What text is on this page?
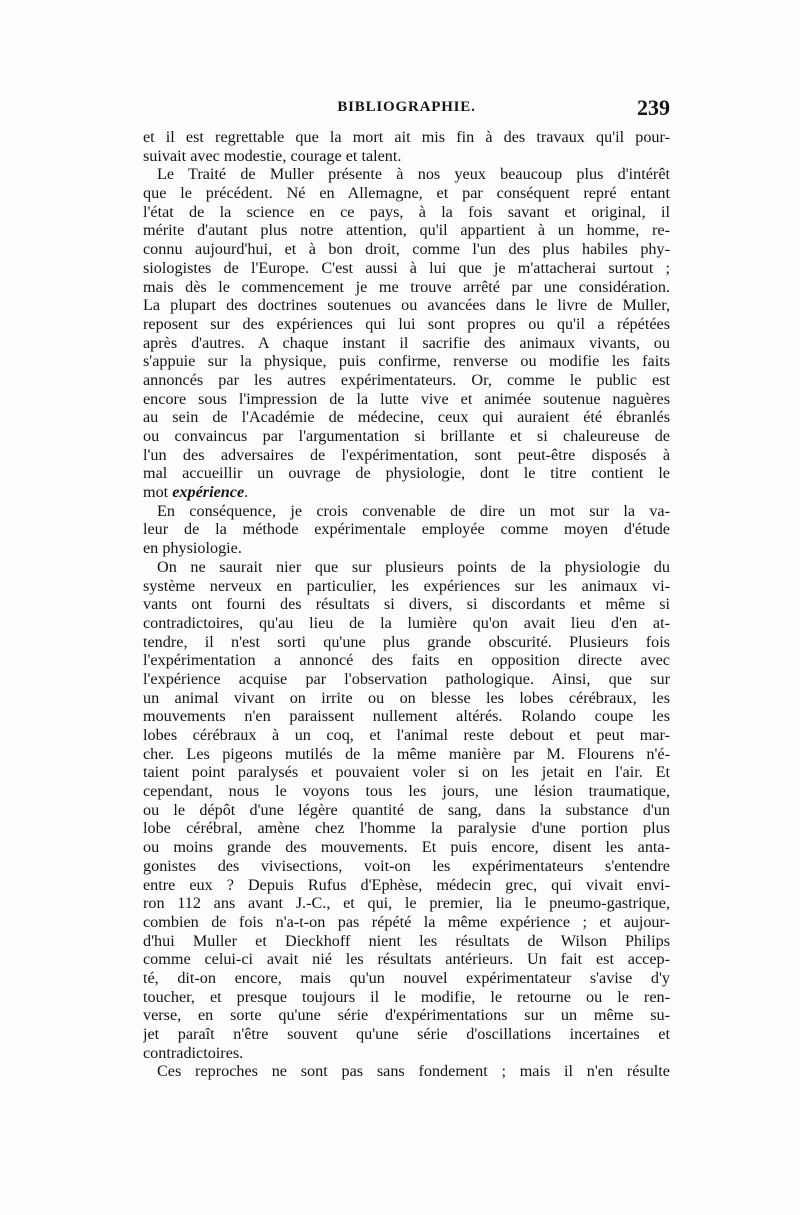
BIBLIOGRAPHIE.	239
et il est regrettable que la mort ait mis fin à des travaux qu'il pour-
suivait avec modestie, courage et talent.
Le Traité de Muller présente à nos yeux beaucoup plus d'intérêt
que le précédent. Né en Allemagne, et par conséquent repré entant
l'état de la science en ce pays, à la fois savant et original, il
mérite d'autant plus notre attention, qu'il appartient à un homme, re-
connu aujourd'hui, et à bon droit, comme l'un des plus habiles phy-
siologistes de l'Europe. C'est aussi à lui que je m'attacherai surtout ;
mais dès le commencement je me trouve arrêté par une considération.
La plupart des doctrines soutenues ou avancées dans le livre de Muller,
reposent sur des expériences qui lui sont propres ou qu'il a répétées
après d'autres. A chaque instant il sacrifie des animaux vivants, ou
s'appuie sur la physique, puis confirme, renverse ou modifie les faits
annoncés par les autres expérimentateurs. Or, comme le public est
encore sous l'impression de la lutte vive et animée soutenue naguères
au sein de l'Académie de médecine, ceux qui auraient été ébranlés
ou convaincus par l'argumentation si brillante et si chaleureuse de
l'un des adversaires de l'expérimentation, sont peut-être disposés à
mal accueillir un ouvrage de physiologie, dont le titre contient le
mot expérience.
En conséquence, je crois convenable de dire un mot sur la va-
leur de la méthode expérimentale employée comme moyen d'étude
en physiologie.
On ne saurait nier que sur plusieurs points de la physiologie du
système nerveux en particulier, les expériences sur les animaux vi-
vants ont fourni des résultats si divers, si discordants et même si
contradictoires, qu'au lieu de la lumière qu'on avait lieu d'en at-
tendre, il n'est sorti qu'une plus grande obscurité. Plusieurs fois
l'expérimentation a annoncé des faits en opposition directe avec
l'expérience acquise par l'observation pathologique. Ainsi, que sur
un animal vivant on irrite ou on blesse les lobes cérébraux, les
mouvements n'en paraissent nullement altérés. Rolando coupe les
lobes cérébraux à un coq, et l'animal reste debout et peut mar-
cher. Les pigeons mutilés de la même manière par M. Flourens n'é-
taient point paralysés et pouvaient voler si on les jetait en l'air. Et
cependant, nous le voyons tous les jours, une lésion traumatique,
ou le dépôt d'une légère quantité de sang, dans la substance d'un
lobe cérébral, amène chez l'homme la paralysie d'une portion plus
ou moins grande des mouvements. Et puis encore, disent les anta-
gonistes des vivisections, voit-on les expérimentateurs s'entendre
entre eux ? Depuis Rufus d'Ephèse, médecin grec, qui vivait envi-
ron 112 ans avant J.-C., et qui, le premier, lia le pneumo-gastrique,
combien de fois n'a-t-on pas répété la même expérience ; et aujour-
d'hui Muller et Dieckhoff nient les résultats de Wilson Philips
comme celui-ci avait nié les résultats antérieurs. Un fait est accep-
té, dit-on encore, mais qu'un nouvel expérimentateur s'avise d'y
toucher, et presque toujours il le modifie, le retourne ou le ren-
verse, en sorte qu'une série d'expérimentations sur un même su-
jet paraît n'être souvent qu'une série d'oscillations incertaines et
contradictoires.
Ces reproches ne sont pas sans fondement ; mais il n'en résulte
